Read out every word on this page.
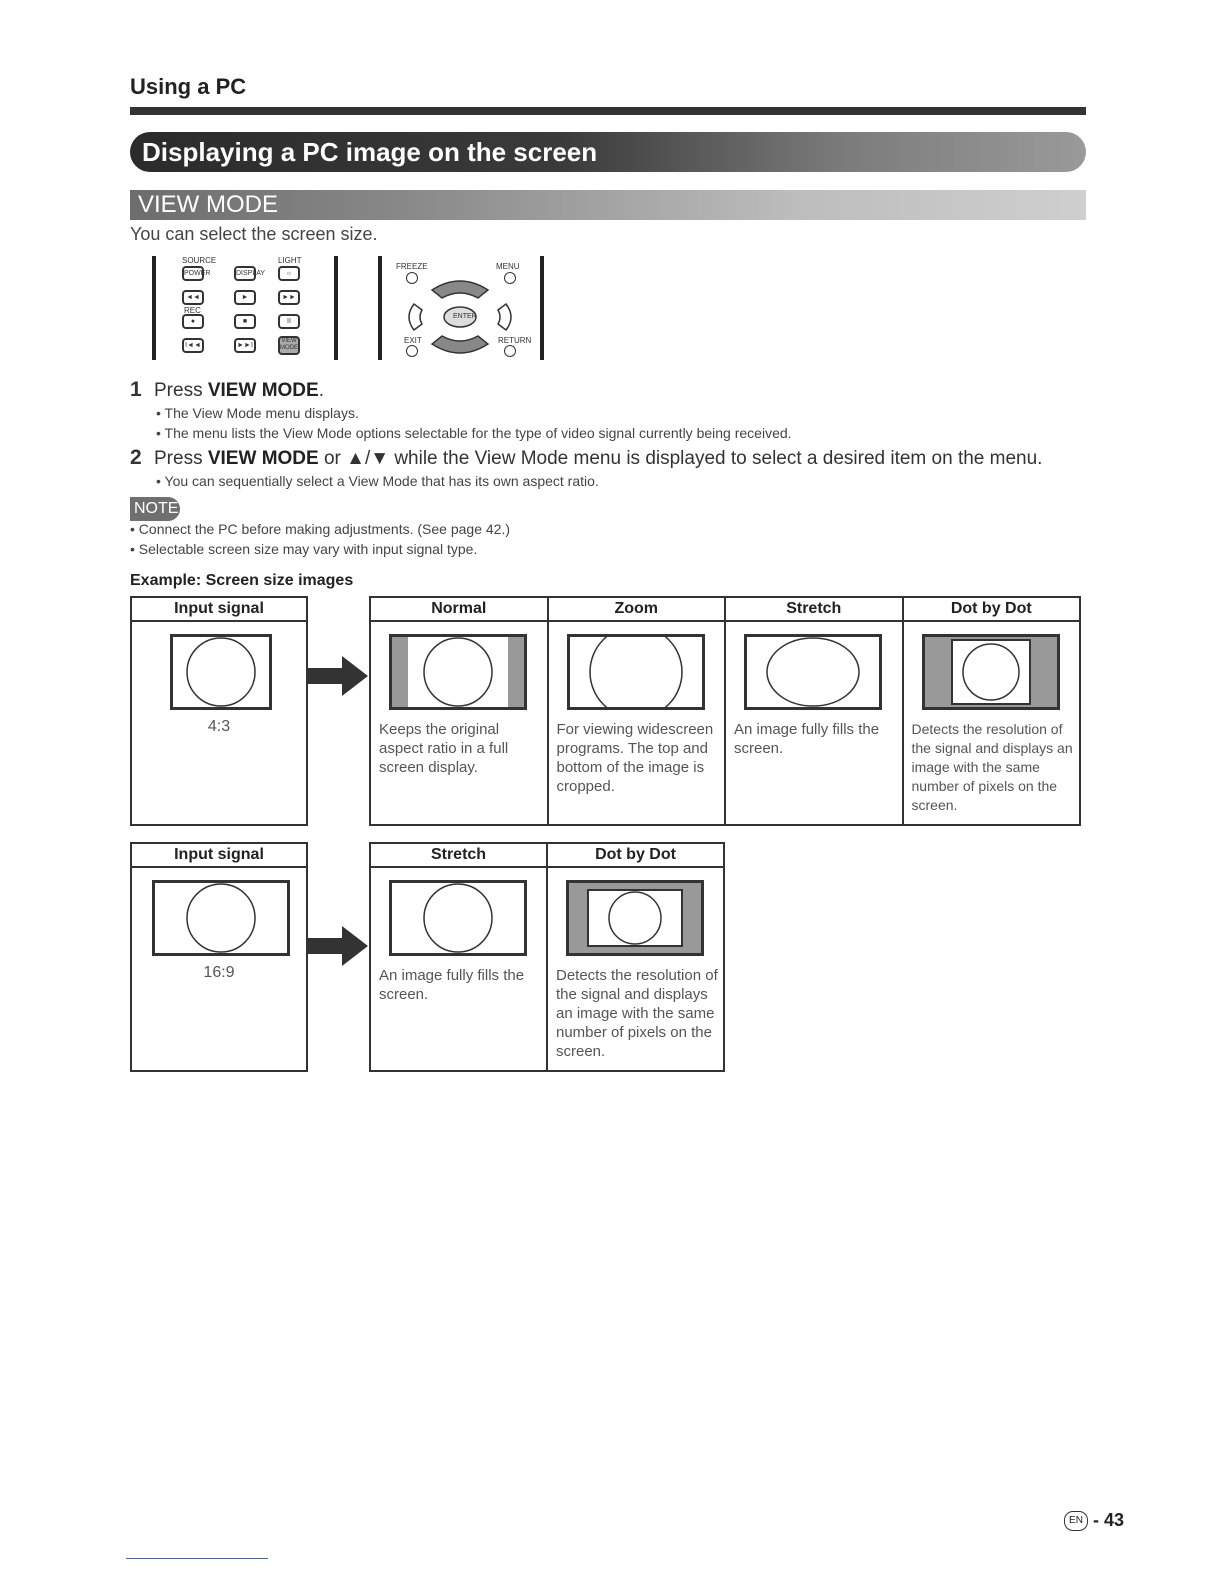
Using a PC
Displaying a PC image on the screen
VIEW MODE
You can select the screen size.
SOURCE	LIGHT
POWER	DISPLAY	☼
◄◄	►	►►
REC
●	■	II
I◄◄	►►I
VIEW MODE
FREEZE	MENU
ENTER
EXIT	RETURN
1 Press VIEW MODE.
• The View Mode menu displays.
• The menu lists the View Mode options selectable for the type of video signal currently being received.
2 Press VIEW MODE or ▲/▼ while the View Mode menu is displayed to select a desired item on the menu.
• You can sequentially select a View Mode that has its own aspect ratio.
NOTE
• Connect the PC before making adjustments. (See page 42.)
• Selectable screen size may vary with input signal type.
Example: Screen size images
Input signal

4:3
Normal	Zoom	Stretch	Dot by Dot

Keeps the original aspect ratio in a full screen display.	For viewing widescreen programs. The top and bottom of the image is cropped.	An image fully fills the screen.	Detects the resolution of the signal and displays an image with the same number of pixels on the screen.
Input signal

16:9
Stretch	Dot by Dot

An image fully fills the screen.	Detects the resolution of the signal and displays an image with the same number of pixels on the screen.
EN - 43
